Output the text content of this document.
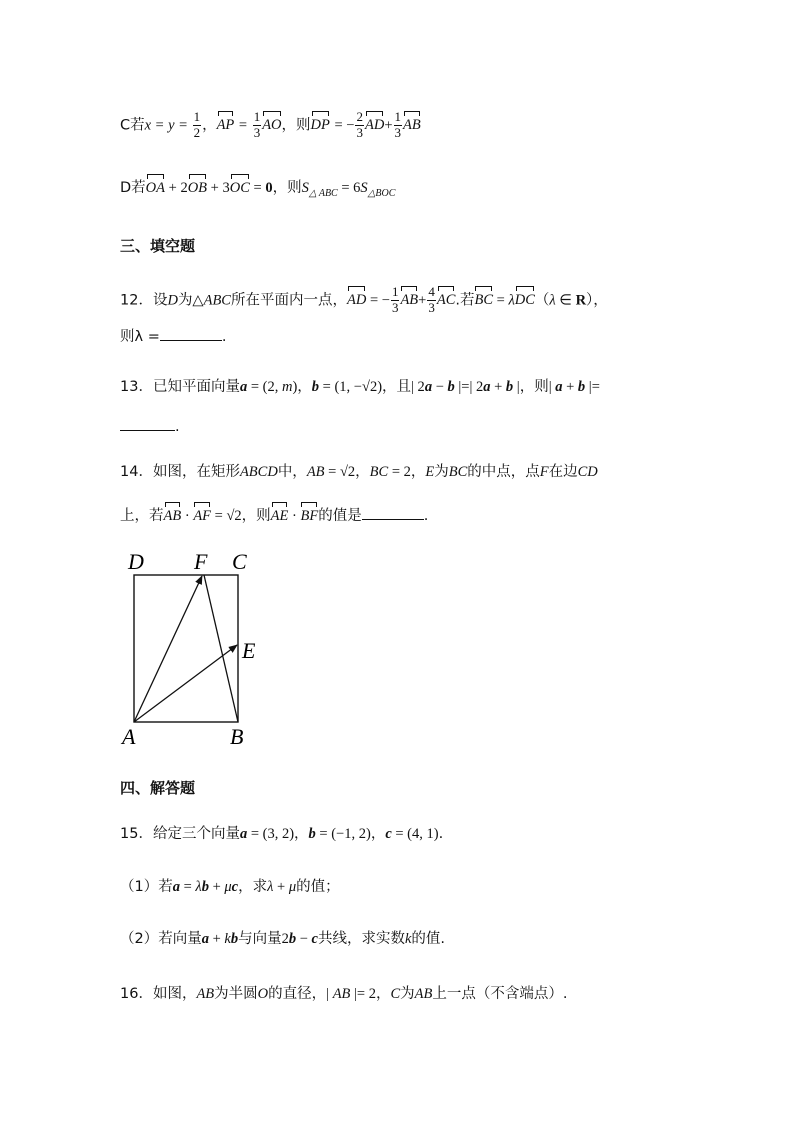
C若$x = y = \frac{1}{2}$ ，AP = $\frac{1}{3}$ AO，则DP = − $\frac{2}{3} AD+ \frac{1}{3}$ AB
D若OA + 2OB + 3OC = 0，则$S_{\triangle ABC} = 6S_{\triangle BOC}$
三、填空题
12．设D为△ABC所在平面内一点，AD = − $\frac{1}{3} AB+ \frac{4}{3}$ AC.若BC = λDC（λ ∈ R），
则λ =	.
13．已知平面向量a = (2, m)，b = (1, −√2)，且| 2a − b |=| 2a + b |，则| a + b |=
.
14．如图，在矩形ABCD中，AB = √2，BC = 2，E为BC的中点，点F在边CD
上，若AB · AF = √2，则AE · BF的值是	.
D F C
E
A	B
四、解答题
15．给定三个向量a = (3, 2)，b = (−1, 2)，c = (4, 1).
（1）若a = λb + μc，求λ + μ的值；
（2）若向量a + kb与向量2b − c共线，求实数k的值.
16．如图，AB为半圆O的直径，| AB |= 2，C为AB上一点（不含端点）.
